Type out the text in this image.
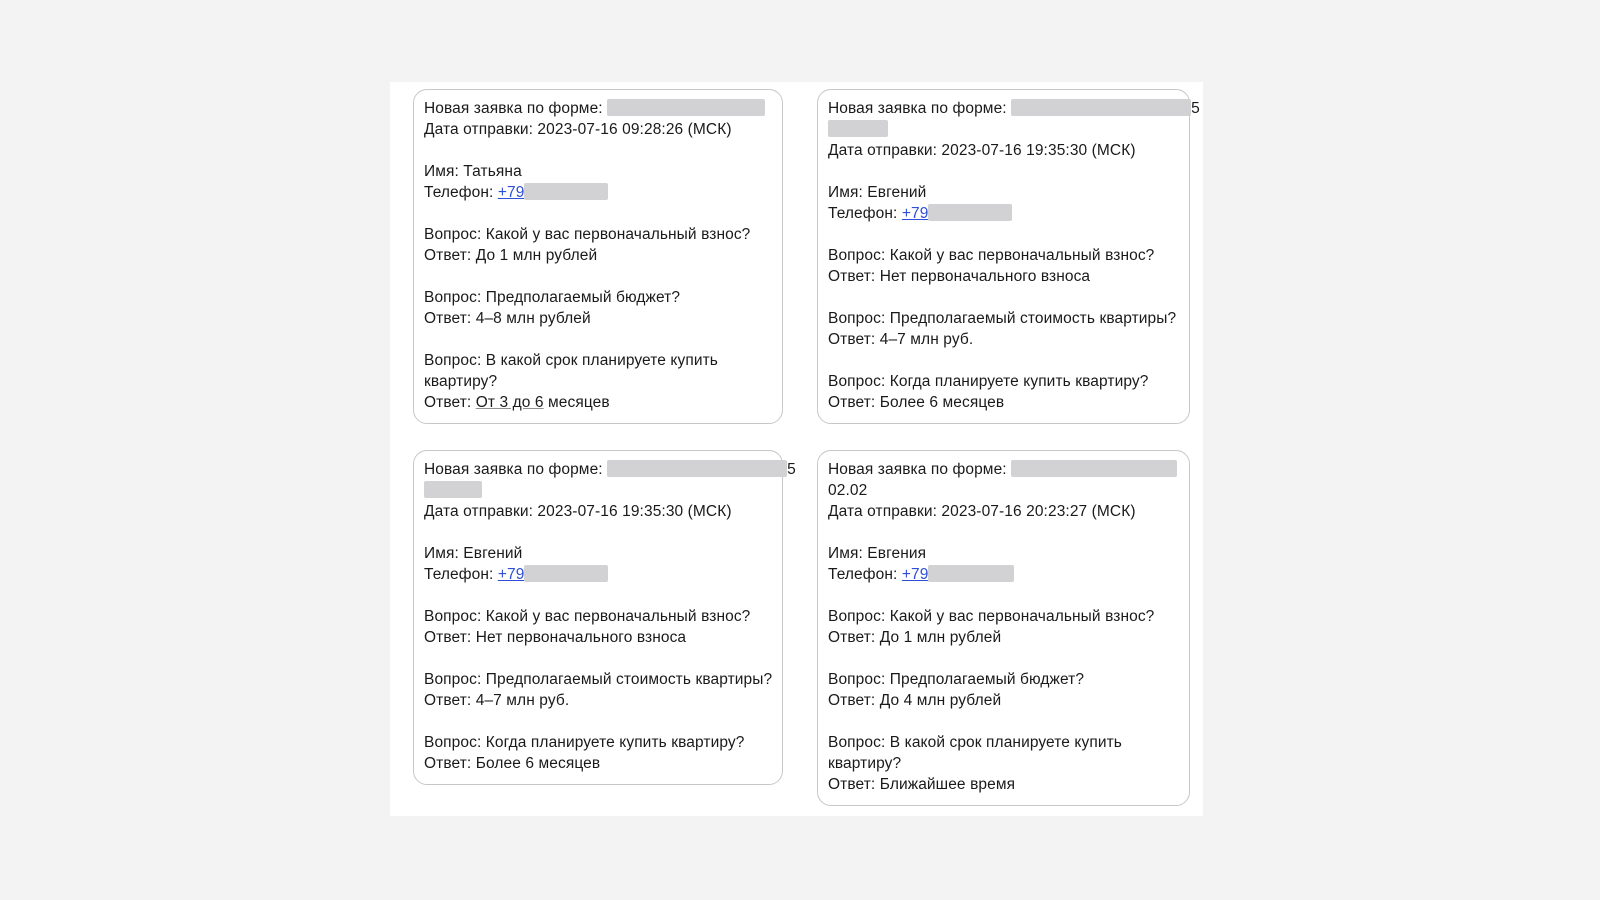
Новая заявка по форме:
Дата отправки: 2023-07-16 09:28:26 (МСК)
Имя: Татьяна
Телефон: +79
Вопрос: Какой у вас первоначальный взнос?
Ответ: До 1 млн рублей
Вопрос: Предполагаемый бюджет?
Ответ: 4–8 млн рублей
Вопрос: В какой срок планируете купить
квартиру?
Ответ: От 3 до 6 месяцев
Новая заявка по форме:	5
Дата отправки: 2023-07-16 19:35:30 (МСК)
Имя: Евгений
Телефон: +79
Вопрос: Какой у вас первоначальный взнос?
Ответ: Нет первоначального взноса
Вопрос: Предполагаемый стоимость квартиры?
Ответ: 4–7 млн руб.
Вопрос: Когда планируете купить квартиру?
Ответ: Более 6 месяцев
Новая заявка по форме:	5
Дата отправки: 2023-07-16 19:35:30 (МСК)
Имя: Евгений
Телефон: +79
Вопрос: Какой у вас первоначальный взнос?
Ответ: Нет первоначального взноса
Вопрос: Предполагаемый стоимость квартиры?
Ответ: 4–7 млн руб.
Вопрос: Когда планируете купить квартиру?
Ответ: Более 6 месяцев
Новая заявка по форме:
02.02
Дата отправки: 2023-07-16 20:23:27 (МСК)
Имя: Евгения
Телефон: +79
Вопрос: Какой у вас первоначальный взнос?
Ответ: До 1 млн рублей
Вопрос: Предполагаемый бюджет?
Ответ: До 4 млн рублей
Вопрос: В какой срок планируете купить
квартиру?
Ответ: Ближайшее время
